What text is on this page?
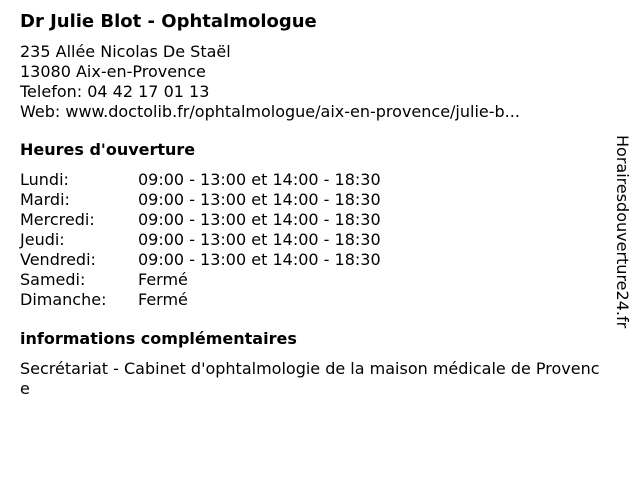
Dr Julie Blot - Ophtalmologue
235 Allée Nicolas De Staël
13080 Aix-en-Provence
Telefon: 04 42 17 01 13
Web: www.doctolib.fr/ophtalmologue/aix-en-provence/julie-b...
Heures d'ouverture
Lundi:	09:00 - 13:00 et 14:00 - 18:30
Mardi:	09:00 - 13:00 et 14:00 - 18:30
Mercredi:	09:00 - 13:00 et 14:00 - 18:30
Jeudi:	09:00 - 13:00 et 14:00 - 18:30
Vendredi:	09:00 - 13:00 et 14:00 - 18:30
Samedi:	Fermé
Dimanche:	Fermé
informations complémentaires
Secrétariat - Cabinet d'ophtalmologie de la maison médicale de Provence
Horairesdouverture24.fr
